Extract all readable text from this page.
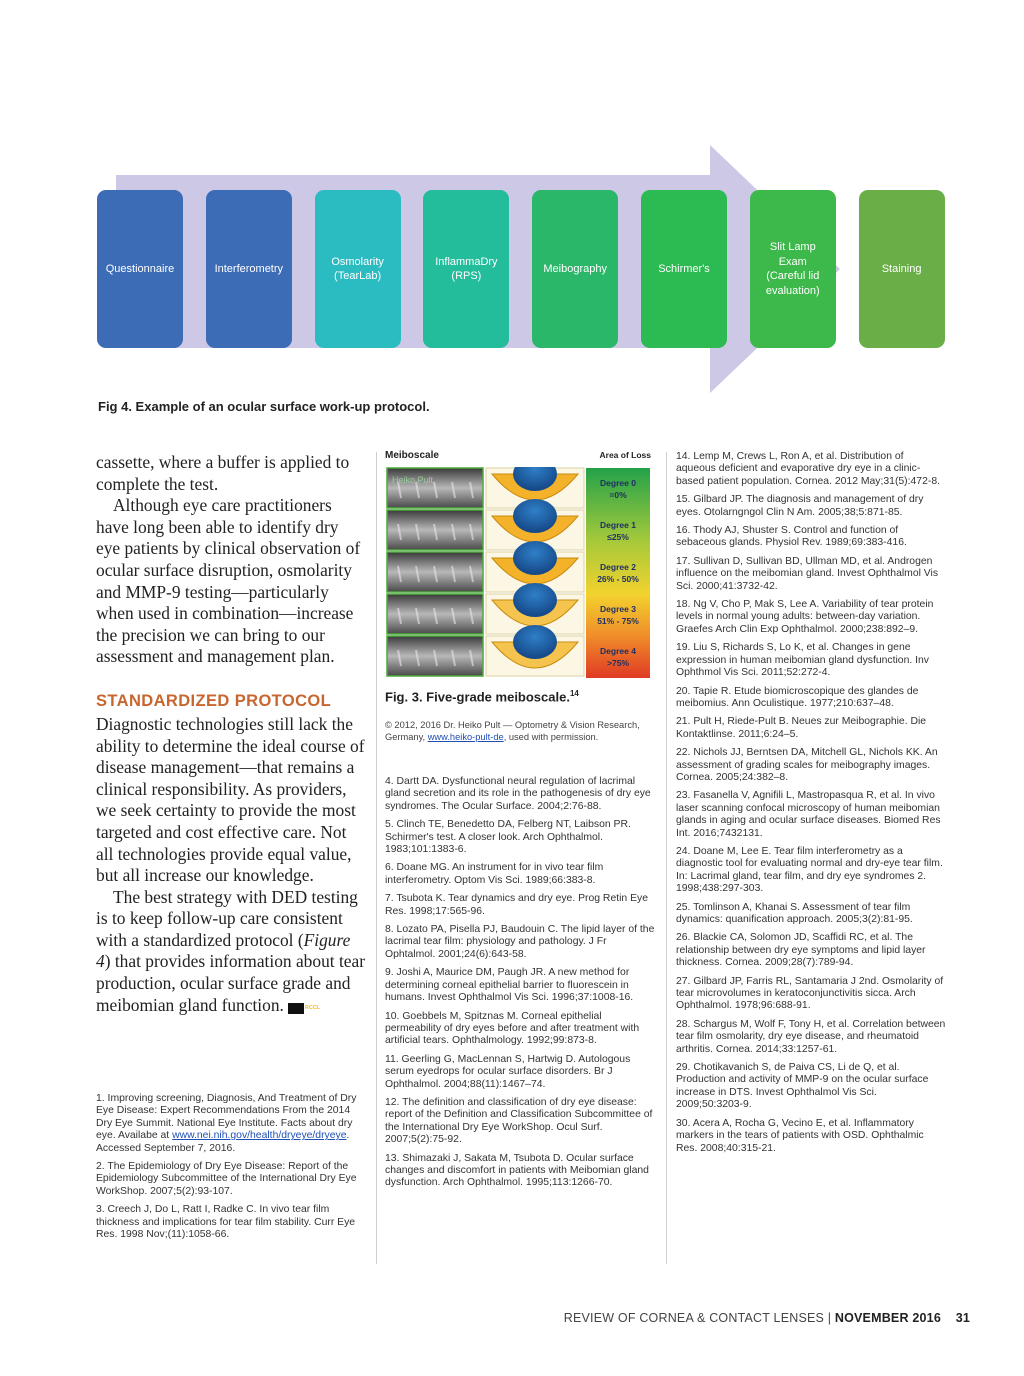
Questionnaire	Interferometry
Osmolarity
(TearLab)
InflammaDry
(RPS)
Meibography	Schirmer's
Slit Lamp
Exam
(Careful lid
evaluation)
Staining
Fig 4. Example of an ocular surface work-up protocol.

cassette, where a buffer is applied to complete the test.

Although eye care practitioners have long been able to identify dry eye patients by clinical observation of ocular surface disruption, osmolarity and MMP-9 testing—particularly when used in combination—increase the precision we can bring to our assessment and management plan.

STANDARDIZED PROTOCOL

Diagnostic technologies still lack the ability to determine the ideal course of disease management—that remains a clinical responsibility. As providers, we seek certainty to provide the most targeted and cost effective care. Not all technologies provide equal value, but all increase our knowledge.

The best strategy with DED testing is to keep follow-up care consistent with a standardized protocol (Figure 4) that provides information about tear production, ocular surface grade and meibomian gland function.	RCCL

1. Improving screening, Diagnosis, And Treatment of Dry Eye Disease: Expert Recommendations From the 2014 Dry Eye Summit. National Eye Institute. Facts about dry eye. Availabe at www.nei.nih.gov/health/dryeye/dryeye. Accessed September 7, 2016.

2. The Epidemiology of Dry Eye Disease: Report of the Epidemiology Subcommittee of the International Dry Eye WorkShop. 2007;5(2):93-107.

3. Creech J, Do L, Ratt I, Radke C. In vivo tear film thickness and implications for tear film stability. Curr Eye Res. 1998 Nov;(11):1058-66.

Meiboscale	Area of Loss
Degree 0
=0%
Degree 1
≤25%
Degree 2
26% - 50%
Degree 3
51% - 75%
Degree 4
>75%
Heiko Pult
Fig. 3. Five-grade meiboscale.$^{14}$
© 2012, 2016 Dr. Heiko Pult — Optometry & Vision Research, Germany, www.heiko-pult-de, used with permission.

4. Dartt DA. Dysfunctional neural regulation of lacrimal gland secretion and its role in the pathogenesis of dry eye syndromes. The Ocular Surface. 2004;2:76-88.

5. Clinch TE, Benedetto DA, Felberg NT, Laibson PR. Schirmer's test. A closer look. Arch Ophthalmol. 1983;101:1383-6.

6. Doane MG. An instrument for in vivo tear film interferometry. Optom Vis Sci. 1989;66:383-8.

7. Tsubota K. Tear dynamics and dry eye. Prog Retin Eye Res. 1998;17:565-96.

8. Lozato PA, Pisella PJ, Baudouin C. The lipid layer of the lacrimal tear film: physiology and pathology. J Fr Ophtalmol. 2001;24(6):643-58.

9. Joshi A, Maurice DM, Paugh JR. A new method for determining corneal epithelial barrier to fluorescein in humans. Invest Ophthalmol Vis Sci. 1996;37:1008-16.

10. Goebbels M, Spitznas M. Corneal epithelial permeability of dry eyes before and after treatment with artificial tears. Ophthalmology. 1992;99:873-8.

11. Geerling G, MacLennan S, Hartwig D. Autologous serum eyedrops for ocular surface disorders. Br J Ophthalmol. 2004;88(11):1467–74.

12. The definition and classification of dry eye disease: report of the Definition and Classification Subcommittee of the International Dry Eye WorkShop. Ocul Surf. 2007;5(2):75-92.

13. Shimazaki J, Sakata M, Tsubota D. Ocular surface changes and discomfort in patients with Meibomian gland dysfunction. Arch Ophthalmol. 1995;113:1266-70.

14. Lemp M, Crews L, Ron A, et al. Distribution of aqueous deficient and evaporative dry eye in a clinic-based patient population. Cornea. 2012 May;31(5):472-8.

15. Gilbard JP. The diagnosis and management of dry eyes. Otolarngngol Clin N Am. 2005;38;5:871-85.

16. Thody AJ, Shuster S. Control and function of sebaceous glands. Physiol Rev. 1989;69:383-416.

17. Sullivan D, Sullivan BD, Ullman MD, et al. Androgen influence on the meibomian gland. Invest Ophthalmol Vis Sci. 2000;41:3732-42.

18. Ng V, Cho P, Mak S, Lee A. Variability of tear protein levels in normal young adults: between-day variation. Graefes Arch Clin Exp Ophthalmol. 2000;238:892–9.

19. Liu S, Richards S, Lo K, et al. Changes in gene expression in human meibomian gland dysfunction. Inv Ophthmol Vis Sci. 2011;52:272-4.

20. Tapie R. Etude biomicroscopique des glandes de meibomius. Ann Oculistique. 1977;210:637–48.

21. Pult H, Riede-Pult B. Neues zur Meibographie. Die Kontaktlinse. 2011;6:24–5.

22. Nichols JJ, Berntsen DA, Mitchell GL, Nichols KK. An assessment of grading scales for meibography images. Cornea. 2005;24:382–8.

23. Fasanella V, Agnifili L, Mastropasqua R, et al. In vivo laser scanning confocal microscopy of human meibomian glands in aging and ocular surface diseases. Biomed Res Int. 2016;7432131.

24. Doane M, Lee E. Tear film interferometry as a diagnostic tool for evaluating normal and dry-eye tear film. In: Lacrimal gland, tear film, and dry eye syndromes 2. 1998;438:297-303.

25. Tomlinson A, Khanai S. Assessment of tear film dynamics: quanification approach. 2005;3(2):81-95.

26. Blackie CA, Solomon JD, Scaffidi RC, et al. The relationship between dry eye symptoms and lipid layer thickness. Cornea. 2009;28(7):789-94.

27. Gilbard JP, Farris RL, Santamaria J 2nd. Osmolarity of tear microvolumes in keratoconjunctivitis sicca. Arch Ophthalmol. 1978;96:688-91.

28. Schargus M, Wolf F, Tony H, et al. Correlation between tear film osmolarity, dry eye disease, and rheumatoid arthritis. Cornea. 2014;33:1257-61.

29. Chotikavanich S, de Paiva CS, Li de Q, et al. Production and activity of MMP-9 on the ocular surface increase in DTS. Invest Ophthalmol Vis Sci. 2009;50:3203-9.

30. Acera A, Rocha G, Vecino E, et al. Inflammatory markers in the tears of patients with OSD. Ophthalmic Res. 2008;40:315-21.

REVIEW OF CORNEA & CONTACT LENSES | NOVEMBER 2016 31
